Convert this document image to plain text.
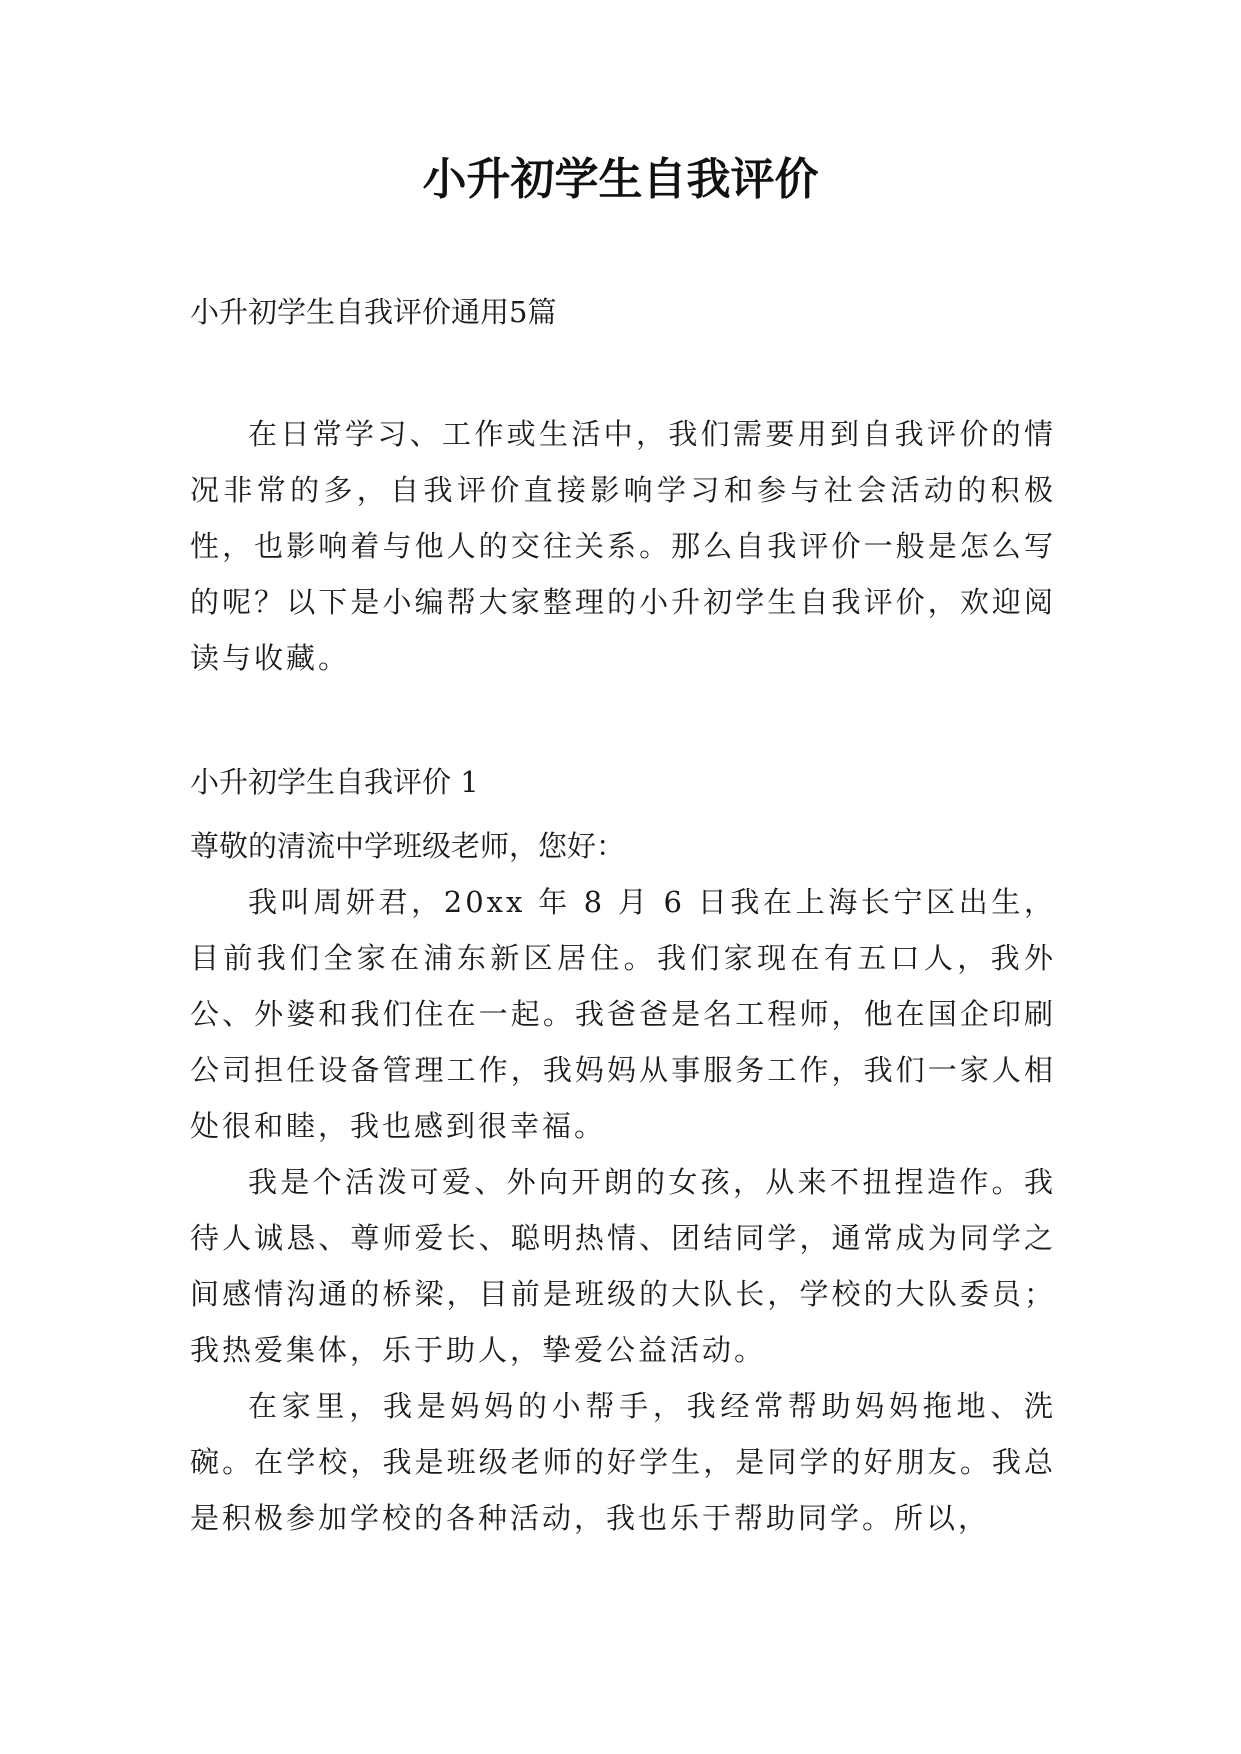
小升初学生自我评价
小升初学生自我评价通用5篇
在日常学习、工作或生活中，我们需要用到自我评价的情况非常的多，自我评价直接影响学习和参与社会活动的积极性，也影响着与他人的交往关系。那么自我评价一般是怎么写的呢？以下是小编帮大家整理的小升初学生自我评价，欢迎阅读与收藏。
小升初学生自我评价 1

尊敬的清流中学班级老师，您好：

我叫周妍君，20xx 年 8 月 6 日我在上海长宁区出生，目前我们全家在浦东新区居住。我们家现在有五口人，我外公、外婆和我们住在一起。我爸爸是名工程师，他在国企印刷公司担任设备管理工作，我妈妈从事服务工作，我们一家人相处很和睦，我也感到很幸福。

我是个活泼可爱、外向开朗的女孩，从来不扭捏造作。我待人诚恳、尊师爱长、聪明热情、团结同学，通常成为同学之间感情沟通的桥梁，目前是班级的大队长，学校的大队委员；我热爱集体，乐于助人，挚爱公益活动。

在家里，我是妈妈的小帮手，我经常帮助妈妈拖地、洗碗。在学校，我是班级老师的好学生，是同学的好朋友。我总是积极参加学校的各种活动，我也乐于帮助同学。所以，
